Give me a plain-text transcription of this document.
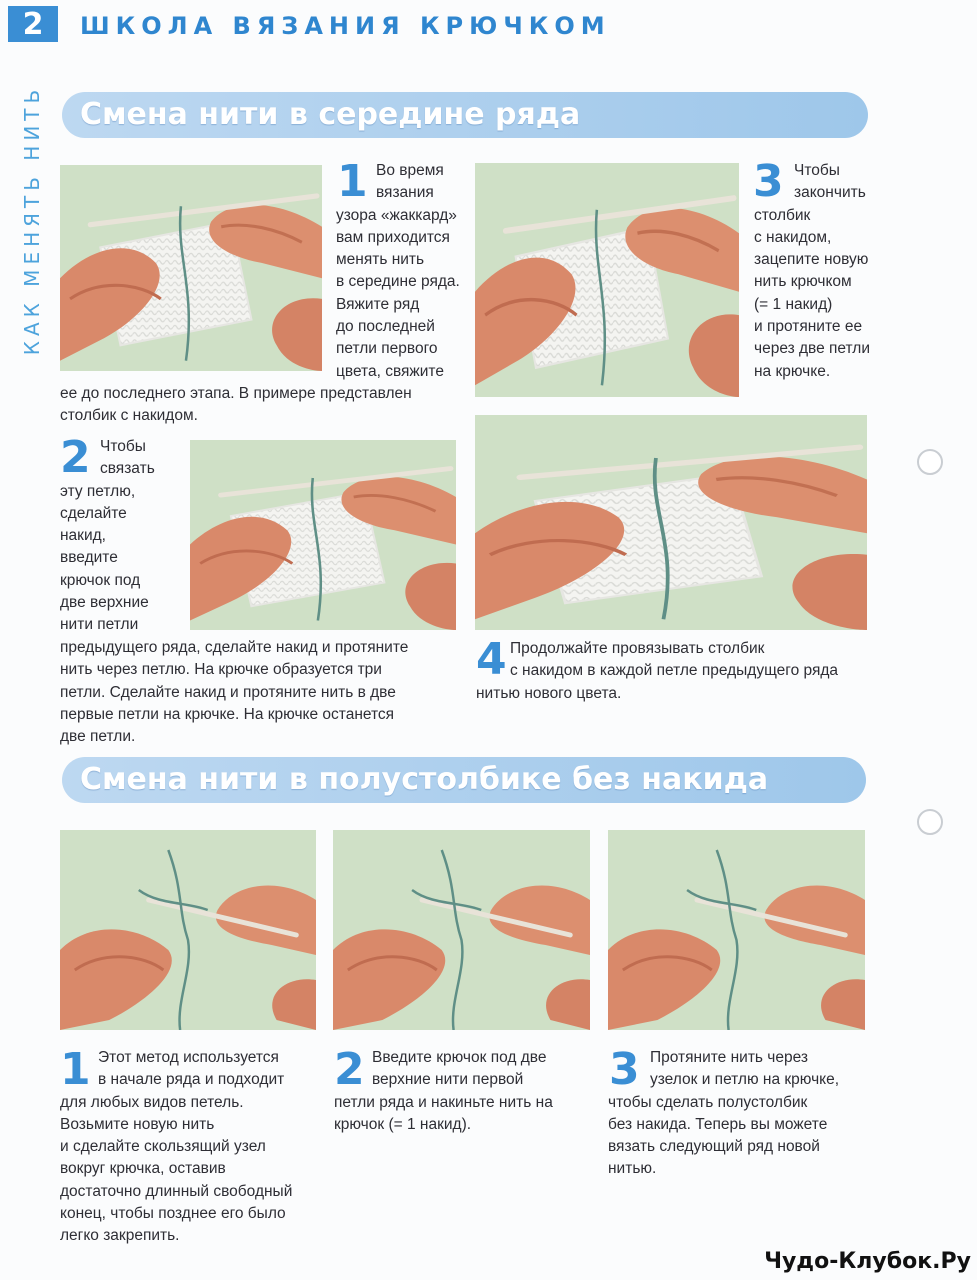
2	ШКОЛА ВЯЗАНИЯ КРЮЧКОМ
КАК МЕНЯТЬ НИТЬ	Смена нити в середине ряда
1 Во время
вязания
узора «жаккард»
вам приходится
менять нить
в середине ряда.
Вяжите ряд
до последней
петли первого
цвета, свяжите
ее до последнего этапа. В примере представлен
столбик с накидом.
3 Чтобы
закончить
столбик
с накидом,
зацепите новую
нить крючком
(= 1 накид)
и протяните ее
через две петли
на крючке.
2 Чтобы
связать
эту петлю,
сделайте
накид,
введите
крючок под
две верхние
нити петли
предыдущего ряда, сделайте накид и протяните
нить через петлю. На крючке образуется три
петли. Сделайте накид и протяните нить в две
первые петли на крючке. На крючке останется
две петли.
4 Продолжайте провязывать столбик
с накидом в каждой петле предыдущего ряда
нитью нового цвета.
Смена нити в полустолбике без накида
1 Этот метод используется
в начале ряда и подходит
для любых видов петель.
Возьмите новую нить
и сделайте скользящий узел
вокруг крючка, оставив
достаточно длинный свободный
конец, чтобы позднее его было
легко закрепить.
2 Введите крючок под две
верхние нити первой
петли ряда и накиньте нить на
крючок (= 1 накид).
3 Протяните нить через
узелок и петлю на крючке,
чтобы сделать полустолбик
без накида. Теперь вы можете
вязать следующий ряд новой
нитью.
Чудо-Клубок.Ру
